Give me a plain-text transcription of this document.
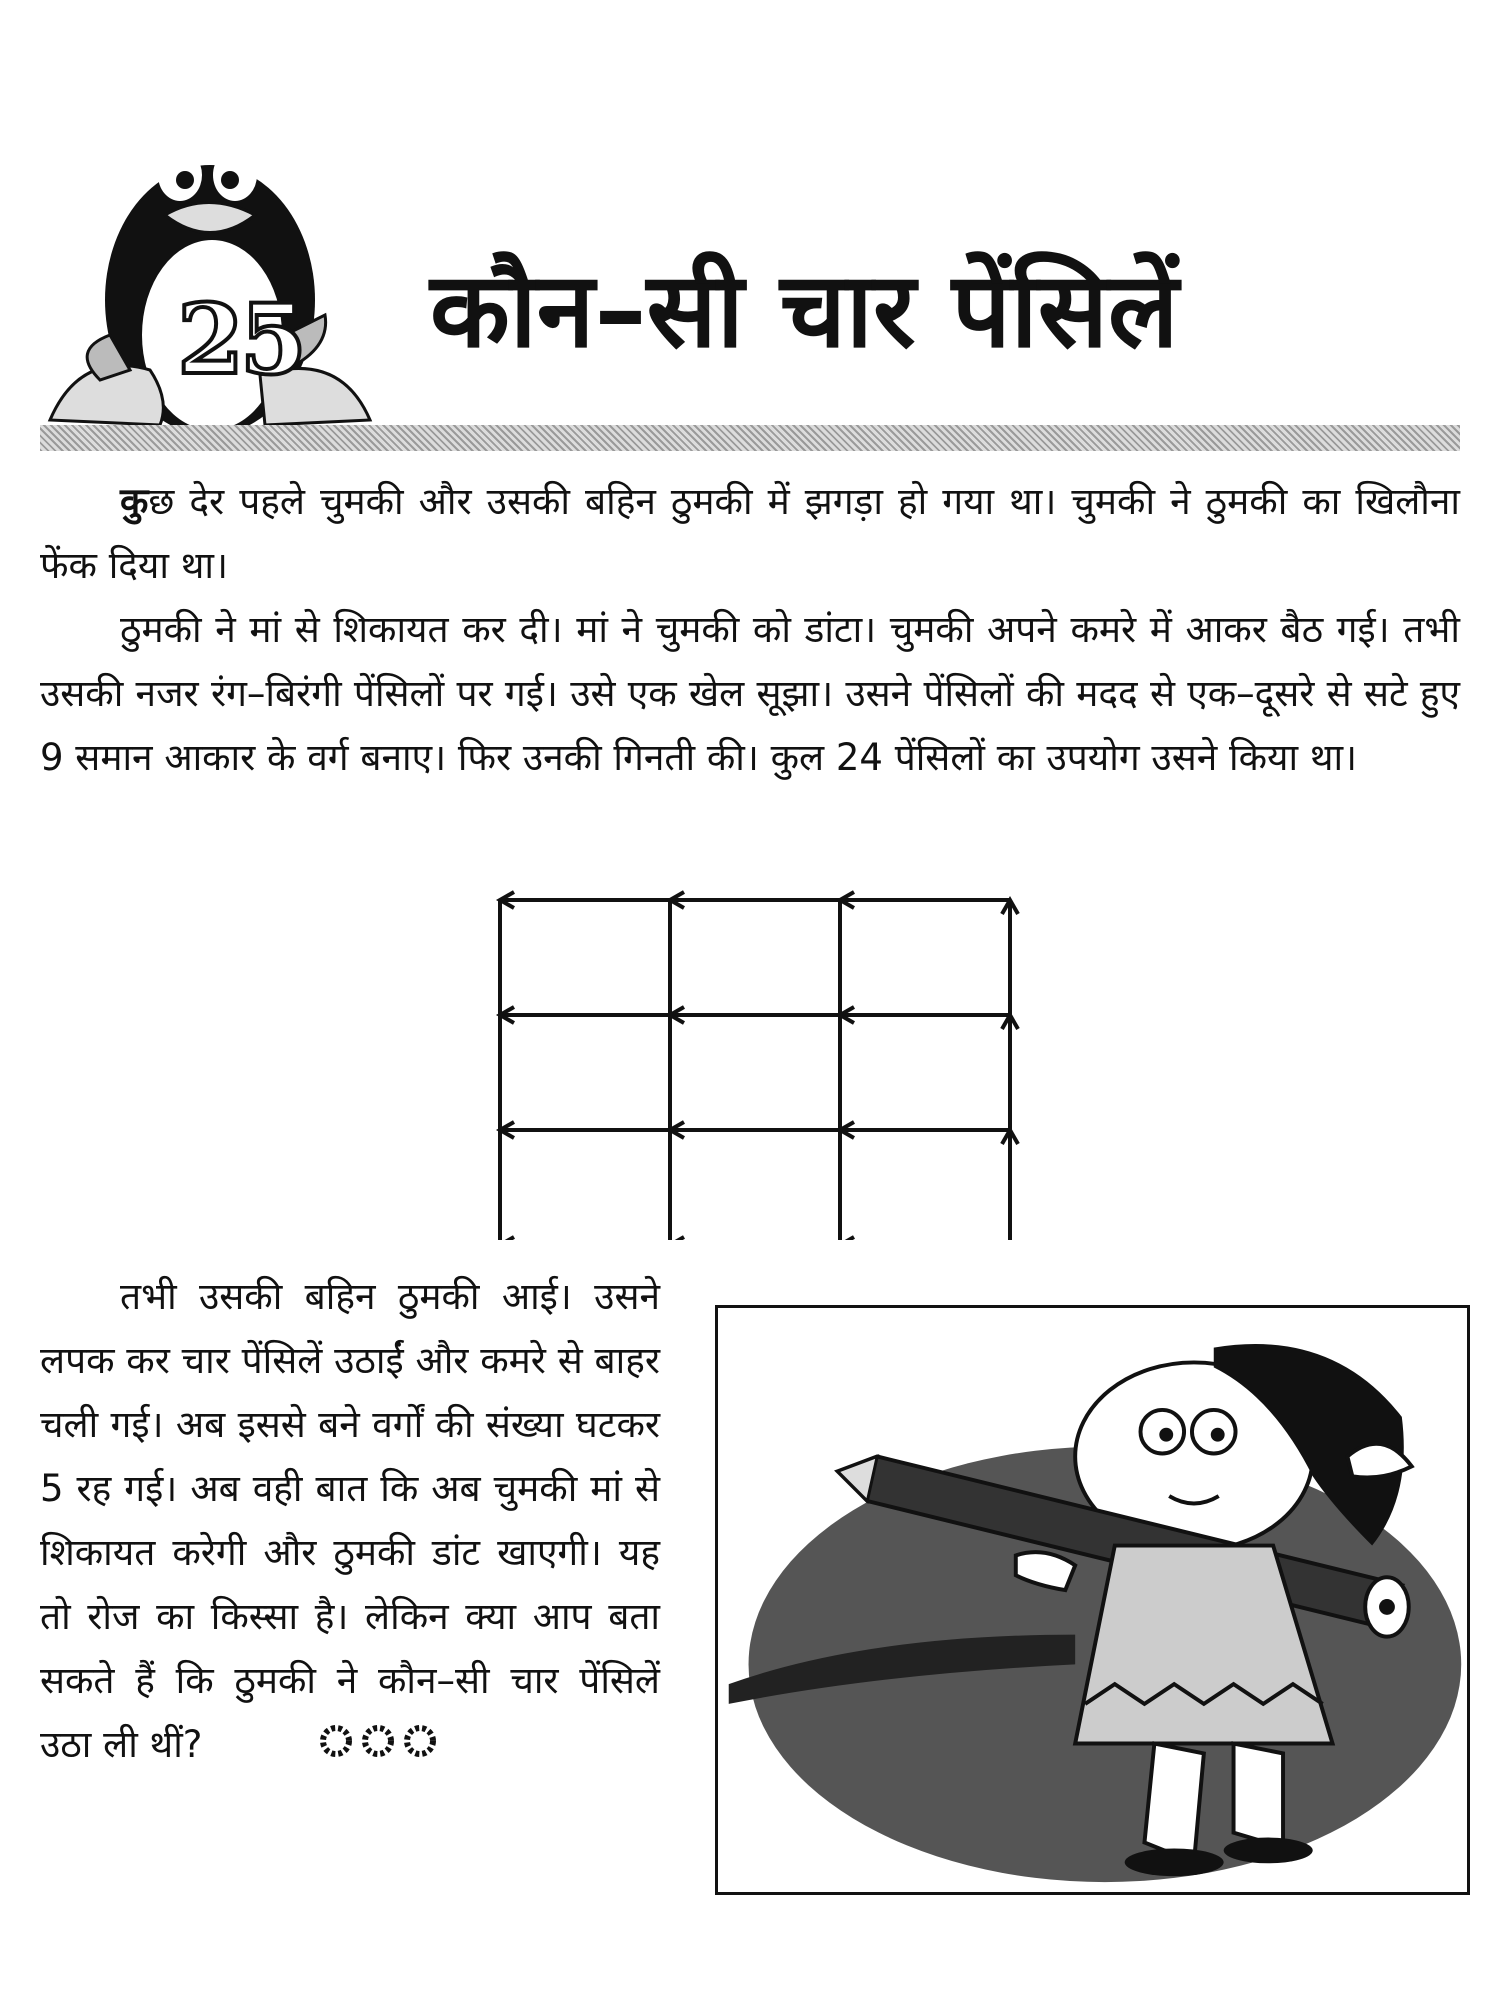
25 कौन–सी चार पेंसिलें

कुछ देर पहले चुमकी और उसकी बहिन ठुमकी में झगड़ा हो गया था। चुमकी ने ठुमकी का खिलौना फेंक दिया था।

ठुमकी ने मां से शिकायत कर दी। मां ने चुमकी को डांटा। चुमकी अपने कमरे में आकर बैठ गई। तभी उसकी नजर रंग–बिरंगी पेंसिलों पर गई। उसे एक खेल सूझा। उसने पेंसिलों की मदद से एक–दूसरे से सटे हुए 9 समान आकार के वर्ग बनाए। फिर उनकी गिनती की। कुल 24 पेंसिलों का उपयोग उसने किया था।

तभी उसकी बहिन ठुमकी आई। उसने लपक कर चार पेंसिलें उठाईं और कमरे से बाहर चली गई। अब इससे बने वर्गों की संख्या घटकर 5 रह गई। अब वही बात कि अब चुमकी मां से शिकायत करेगी और ठुमकी डांट खाएगी। यह तो रोज का किस्सा है। लेकिन क्या आप बता सकते हैं कि ठुमकी ने कौन–सी चार पेंसिलें उठा ली थीं?
